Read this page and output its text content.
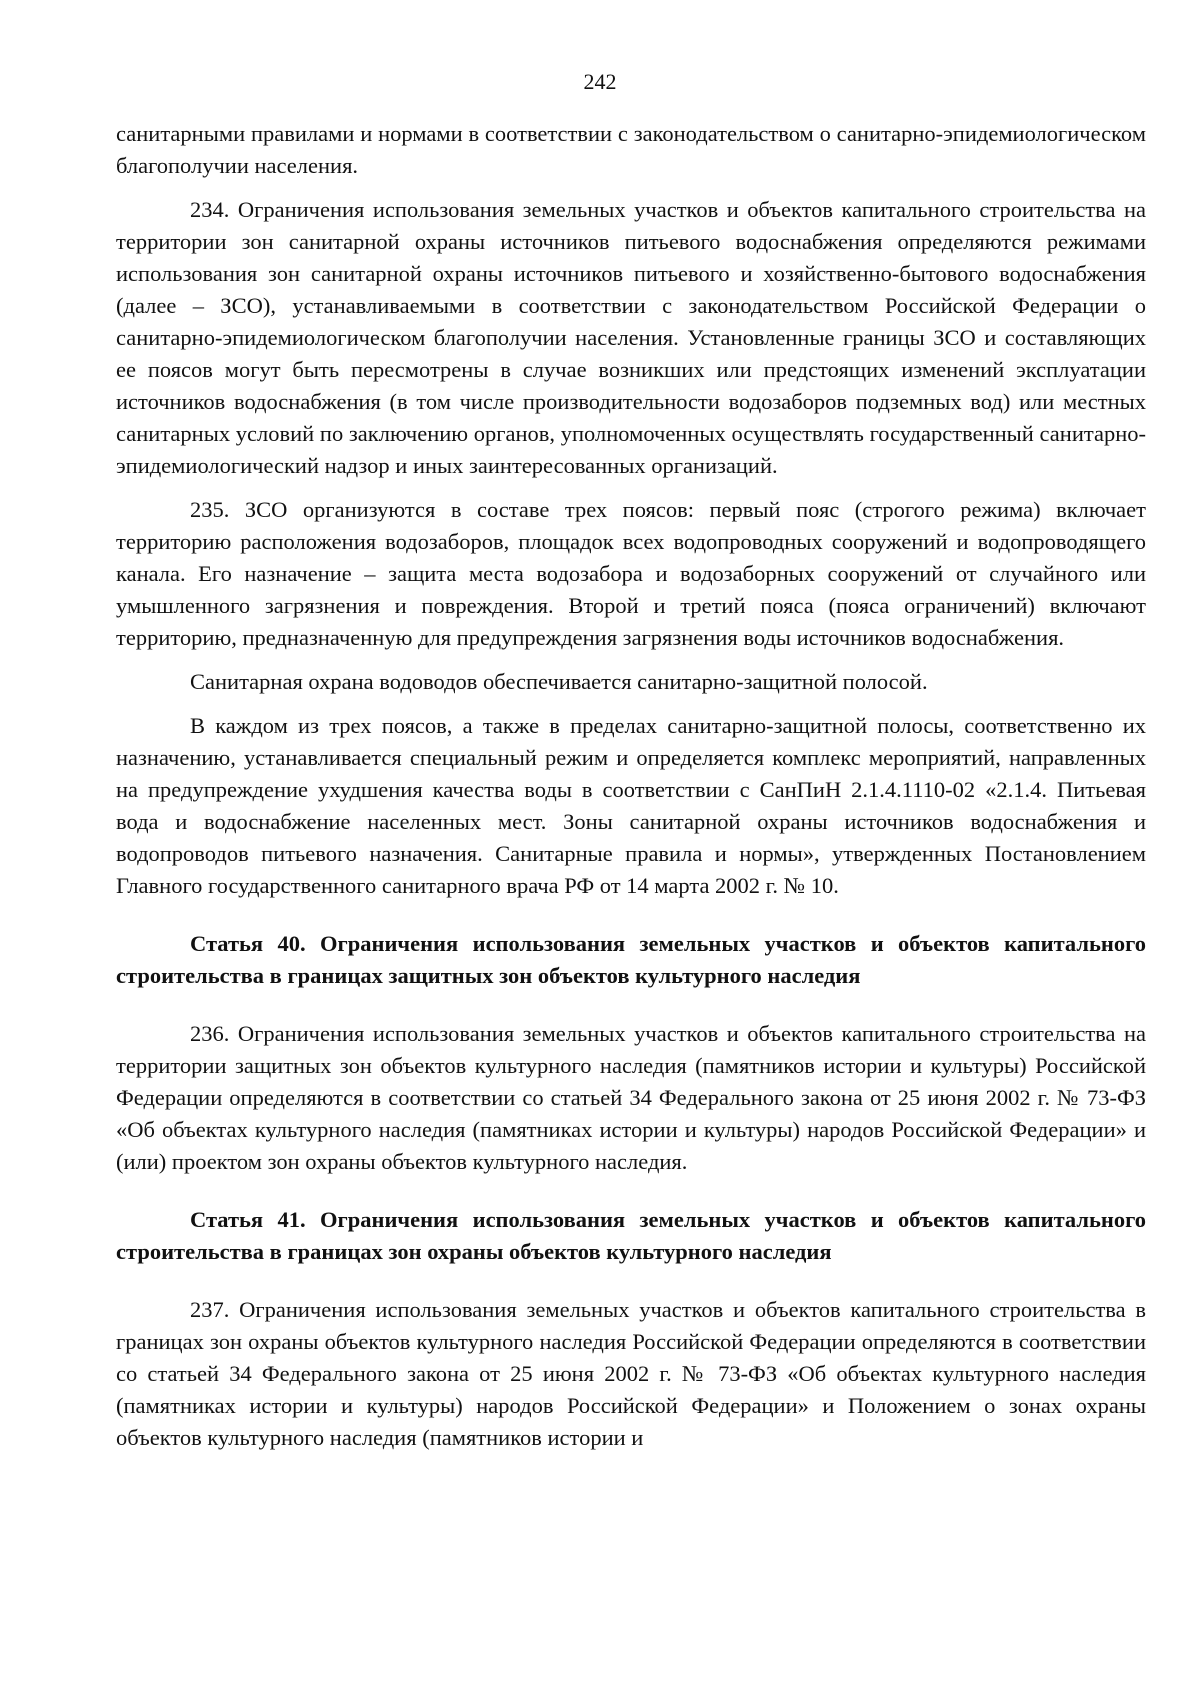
242

санитарными правилами и нормами в соответствии с законодательством о санитарно-эпидемиологическом благополучии населения.

234. Ограничения использования земельных участков и объектов капитального строительства на территории зон санитарной охраны источников питьевого водоснабжения определяются режимами использования зон санитарной охраны источников питьевого и хозяйственно-бытового водоснабжения (далее – ЗСО), устанавливаемыми в соответствии с законодательством Российской Федерации о санитарно-эпидемиологическом благополучии населения. Установленные границы ЗСО и составляющих ее поясов могут быть пересмотрены в случае возникших или предстоящих изменений эксплуатации источников водоснабжения (в том числе производительности водозаборов подземных вод) или местных санитарных условий по заключению органов, уполномоченных осуществлять государственный санитарно-эпидемиологический надзор и иных заинтересованных организаций.

235. ЗСО организуются в составе трех поясов: первый пояс (строгого режима) включает территорию расположения водозаборов, площадок всех водопроводных сооружений и водопроводящего канала. Его назначение – защита места водозабора и водозаборных сооружений от случайного или умышленного загрязнения и повреждения. Второй и третий пояса (пояса ограничений) включают территорию, предназначенную для предупреждения загрязнения воды источников водоснабжения.

Санитарная охрана водоводов обеспечивается санитарно-защитной полосой.

В каждом из трех поясов, а также в пределах санитарно-защитной полосы, соответственно их назначению, устанавливается специальный режим и определяется комплекс мероприятий, направленных на предупреждение ухудшения качества воды в соответствии с СанПиН 2.1.4.1110-02 «2.1.4. Питьевая вода и водоснабжение населенных мест. Зоны санитарной охраны источников водоснабжения и водопроводов питьевого назначения. Санитарные правила и нормы», утвержденных Постановлением Главного государственного санитарного врача РФ от 14 марта 2002 г. № 10.

Статья 40. Ограничения использования земельных участков и объектов капитального строительства в границах защитных зон объектов культурного наследия

236. Ограничения использования земельных участков и объектов капитального строительства на территории защитных зон объектов культурного наследия (памятников истории и культуры) Российской Федерации определяются в соответствии со статьей 34 Федерального закона от 25 июня 2002 г. № 73-ФЗ «Об объектах культурного наследия (памятниках истории и культуры) народов Российской Федерации» и (или) проектом зон охраны объектов культурного наследия.

Статья 41. Ограничения использования земельных участков и объектов капитального строительства в границах зон охраны объектов культурного наследия

237. Ограничения использования земельных участков и объектов капитального строительства в границах зон охраны объектов культурного наследия Российской Федерации определяются в соответствии со статьей 34 Федерального закона от 25 июня 2002 г. № 73-ФЗ «Об объектах культурного наследия (памятниках истории и культуры) народов Российской Федерации» и Положением о зонах охраны объектов культурного наследия (памятников истории и
